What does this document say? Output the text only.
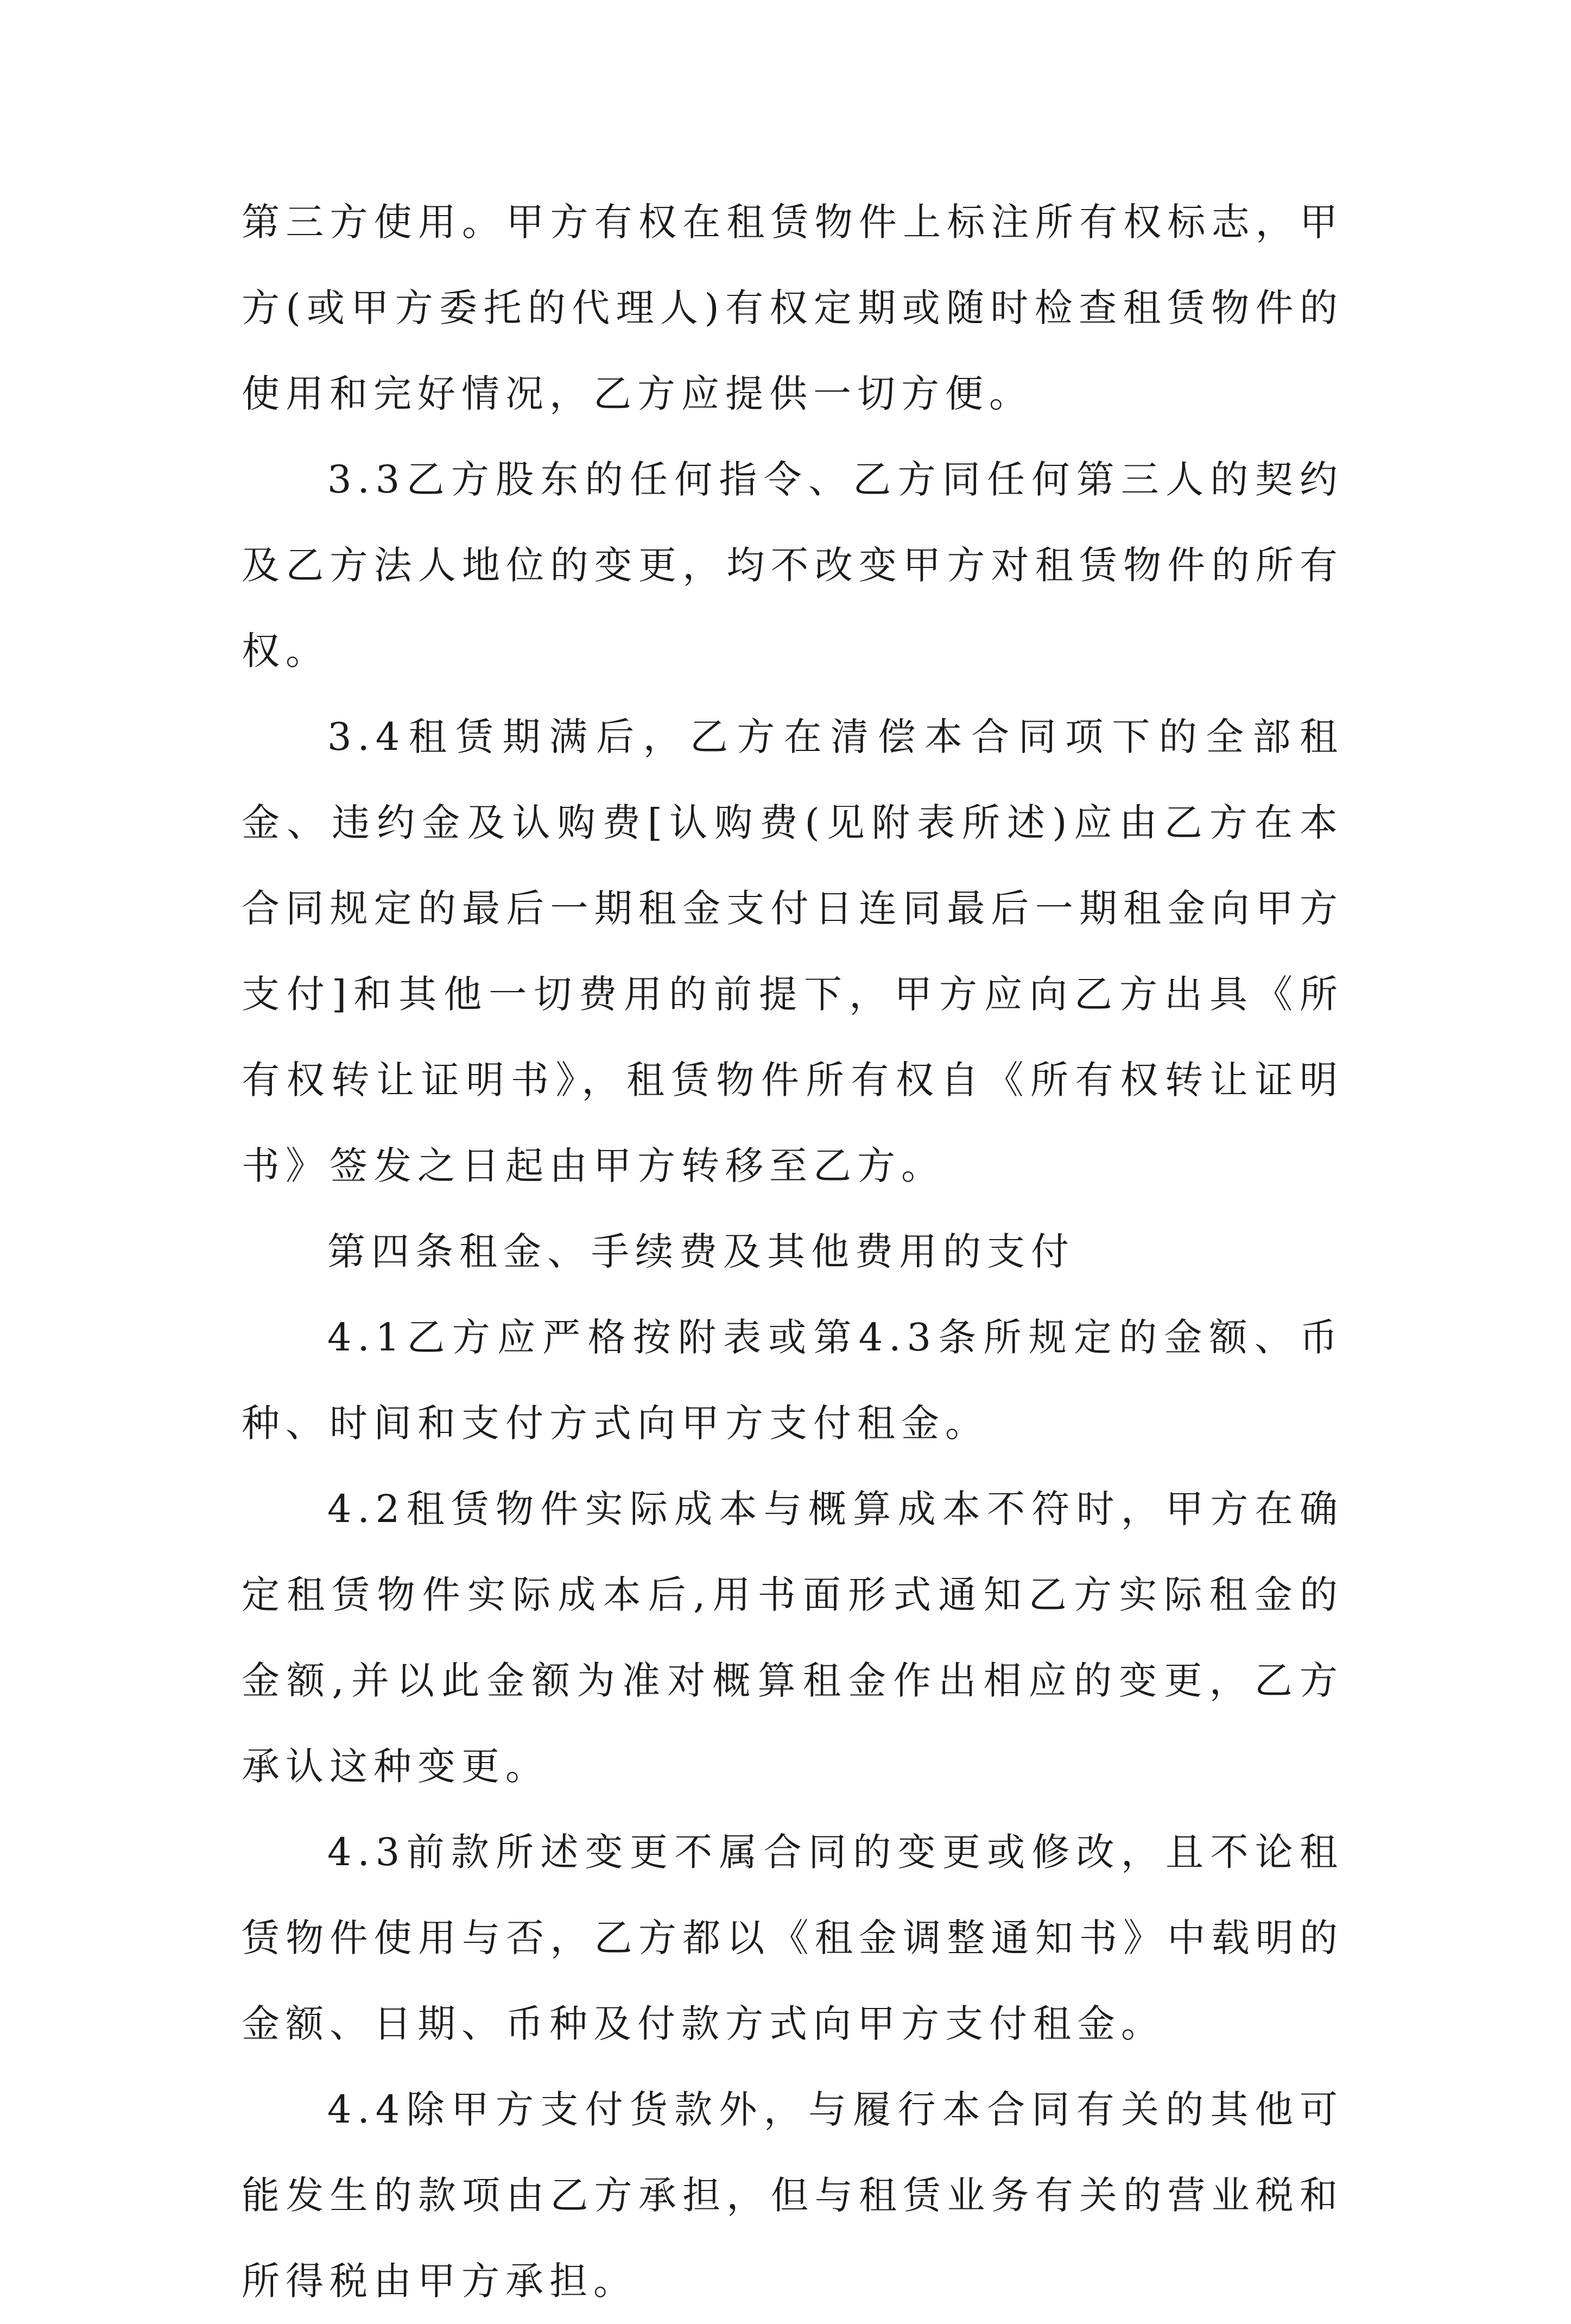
第三方使用。甲方有权在租赁物件上标注所有权标志，甲方(或甲方委托的代理人)有权定期或随时检查租赁物件的使用和完好情况，乙方应提供一切方便。

3.3乙方股东的任何指令、乙方同任何第三人的契约及乙方法人地位的变更，均不改变甲方对租赁物件的所有权。

3.4租赁期满后，乙方在清偿本合同项下的全部租金、违约金及认购费[认购费(见附表所述)应由乙方在本合同规定的最后一期租金支付日连同最后一期租金向甲方支付]和其他一切费用的前提下，甲方应向乙方出具《所有权转让证明书》，租赁物件所有权自《所有权转让证明书》签发之日起由甲方转移至乙方。

第四条租金、手续费及其他费用的支付

4.1乙方应严格按附表或第4.3条所规定的金额、币种、时间和支付方式向甲方支付租金。

4.2租赁物件实际成本与概算成本不符时，甲方在确定租赁物件实际成本后,用书面形式通知乙方实际租金的金额,并以此金额为准对概算租金作出相应的变更，乙方承认这种变更。

4.3前款所述变更不属合同的变更或修改，且不论租赁物件使用与否，乙方都以《租金调整通知书》中载明的金额、日期、币种及付款方式向甲方支付租金。

4.4除甲方支付货款外，与履行本合同有关的其他可能发生的款项由乙方承担，但与租赁业务有关的营业税和所得税由甲方承担。
